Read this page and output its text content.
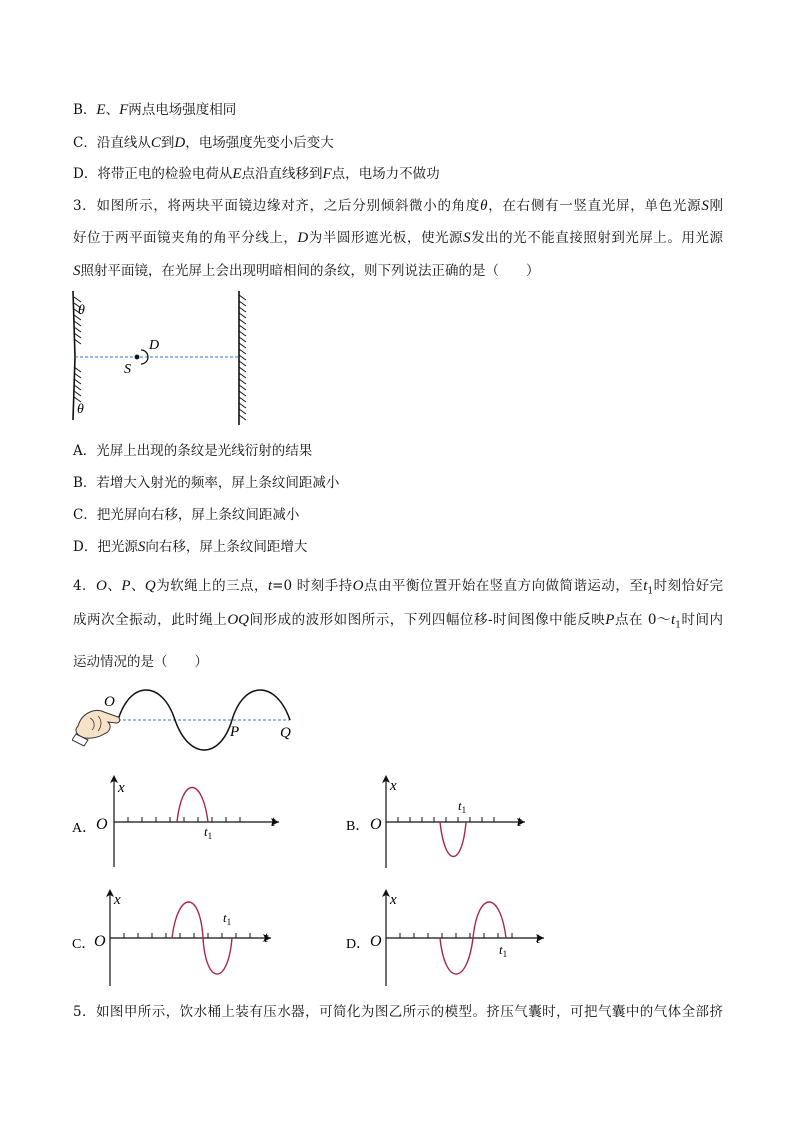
B．E、F两点电场强度相同
C．沿直线从C到D，电场强度先变小后变大
D．将带正电的检验电荷从E点沿直线移到F点，电场力不做功
3．如图所示，将两块平面镜边缘对齐，之后分别倾斜微小的角度θ，在右侧有一竖直光屏，单色光源S刚
好位于两平面镜夹角的角平分线上，D为半圆形遮光板，使光源S发出的光不能直接照射到光屏上。用光源
S照射平面镜，在光屏上会出现明暗相间的条纹，则下列说法正确的是（　　）
θ
θ
D
S
A．光屏上出现的条纹是光线衍射的结果
B．若增大入射光的频率，屏上条纹间距减小
C．把光屏向右移，屏上条纹间距减小
D．把光源S向右移，屏上条纹间距增大
4．O、P、Q为软绳上的三点，t=0 时刻手持O点由平衡位置开始在竖直方向做简谐运动，至$t_1$时刻恰好完
成两次全振动，此时绳上OQ间形成的波形如图所示，下列四幅位移-时间图像中能反映P点在 $0\sim t_1$时间内
运动情况的是（　　）
O
P	Q
A．
x
t
O	$t_1$
B．
x
t
O
$t_1$
C．
x
t
O
$t_1$
D．
x
t
O	$t_1$
5．如图甲所示，饮水桶上装有压水器，可简化为图乙所示的模型。挤压气囊时，可把气囊中的气体全部挤
